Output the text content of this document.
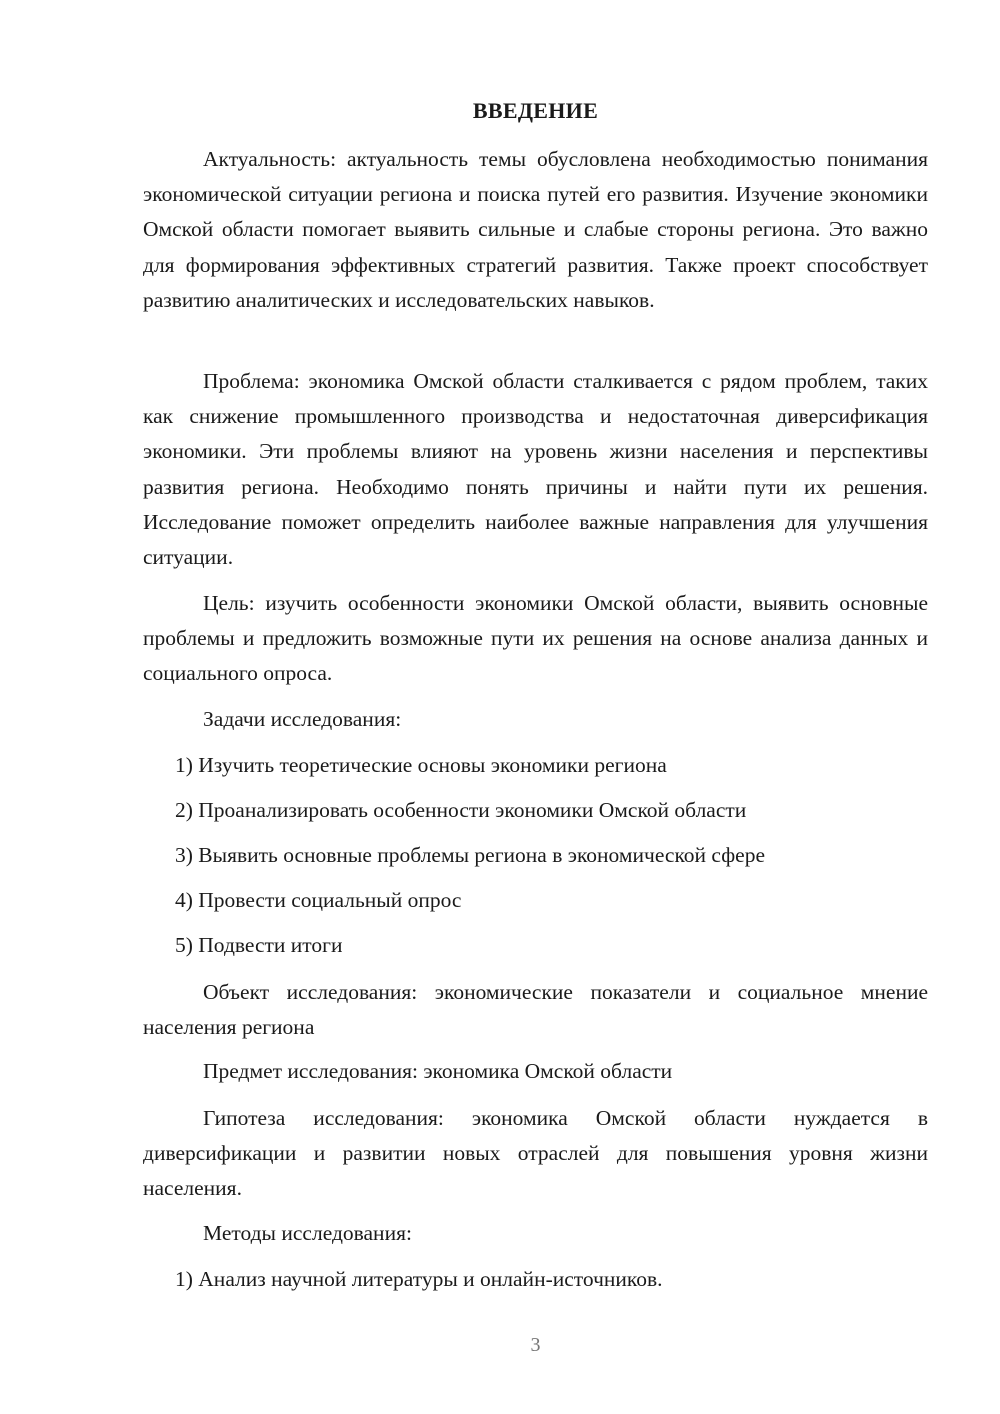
ВВЕДЕНИЕ

Актуальность: актуальность темы обусловлена необходимостью понимания экономической ситуации региона и поиска путей его развития. Изучение экономики Омской области помогает выявить сильные и слабые стороны региона. Это важно для формирования эффективных стратегий развития. Также проект способствует развитию аналитических и исследовательских навыков.

Проблема: экономика Омской области сталкивается с рядом проблем, таких как снижение промышленного производства и недостаточная диверсификация экономики. Эти проблемы влияют на уровень жизни населения и перспективы развития региона. Необходимо понять причины и найти пути их решения. Исследование поможет определить наиболее важные направления для улучшения ситуации.

Цель: изучить особенности экономики Омской области, выявить основные проблемы и предложить возможные пути их решения на основе анализа данных и социального опроса.

Задачи исследования:
1) Изучить теоретические основы экономики региона
2) Проанализировать особенности экономики Омской области
3) Выявить основные проблемы региона в экономической сфере
4) Провести социальный опрос
5) Подвести итоги

Объект исследования: экономические показатели и социальное мнение населения региона

Предмет исследования: экономика Омской области

Гипотеза исследования: экономика Омской области нуждается в диверсификации и развитии новых отраслей для повышения уровня жизни населения.

Методы исследования:
1) Анализ научной литературы и онлайн-источников.
3
